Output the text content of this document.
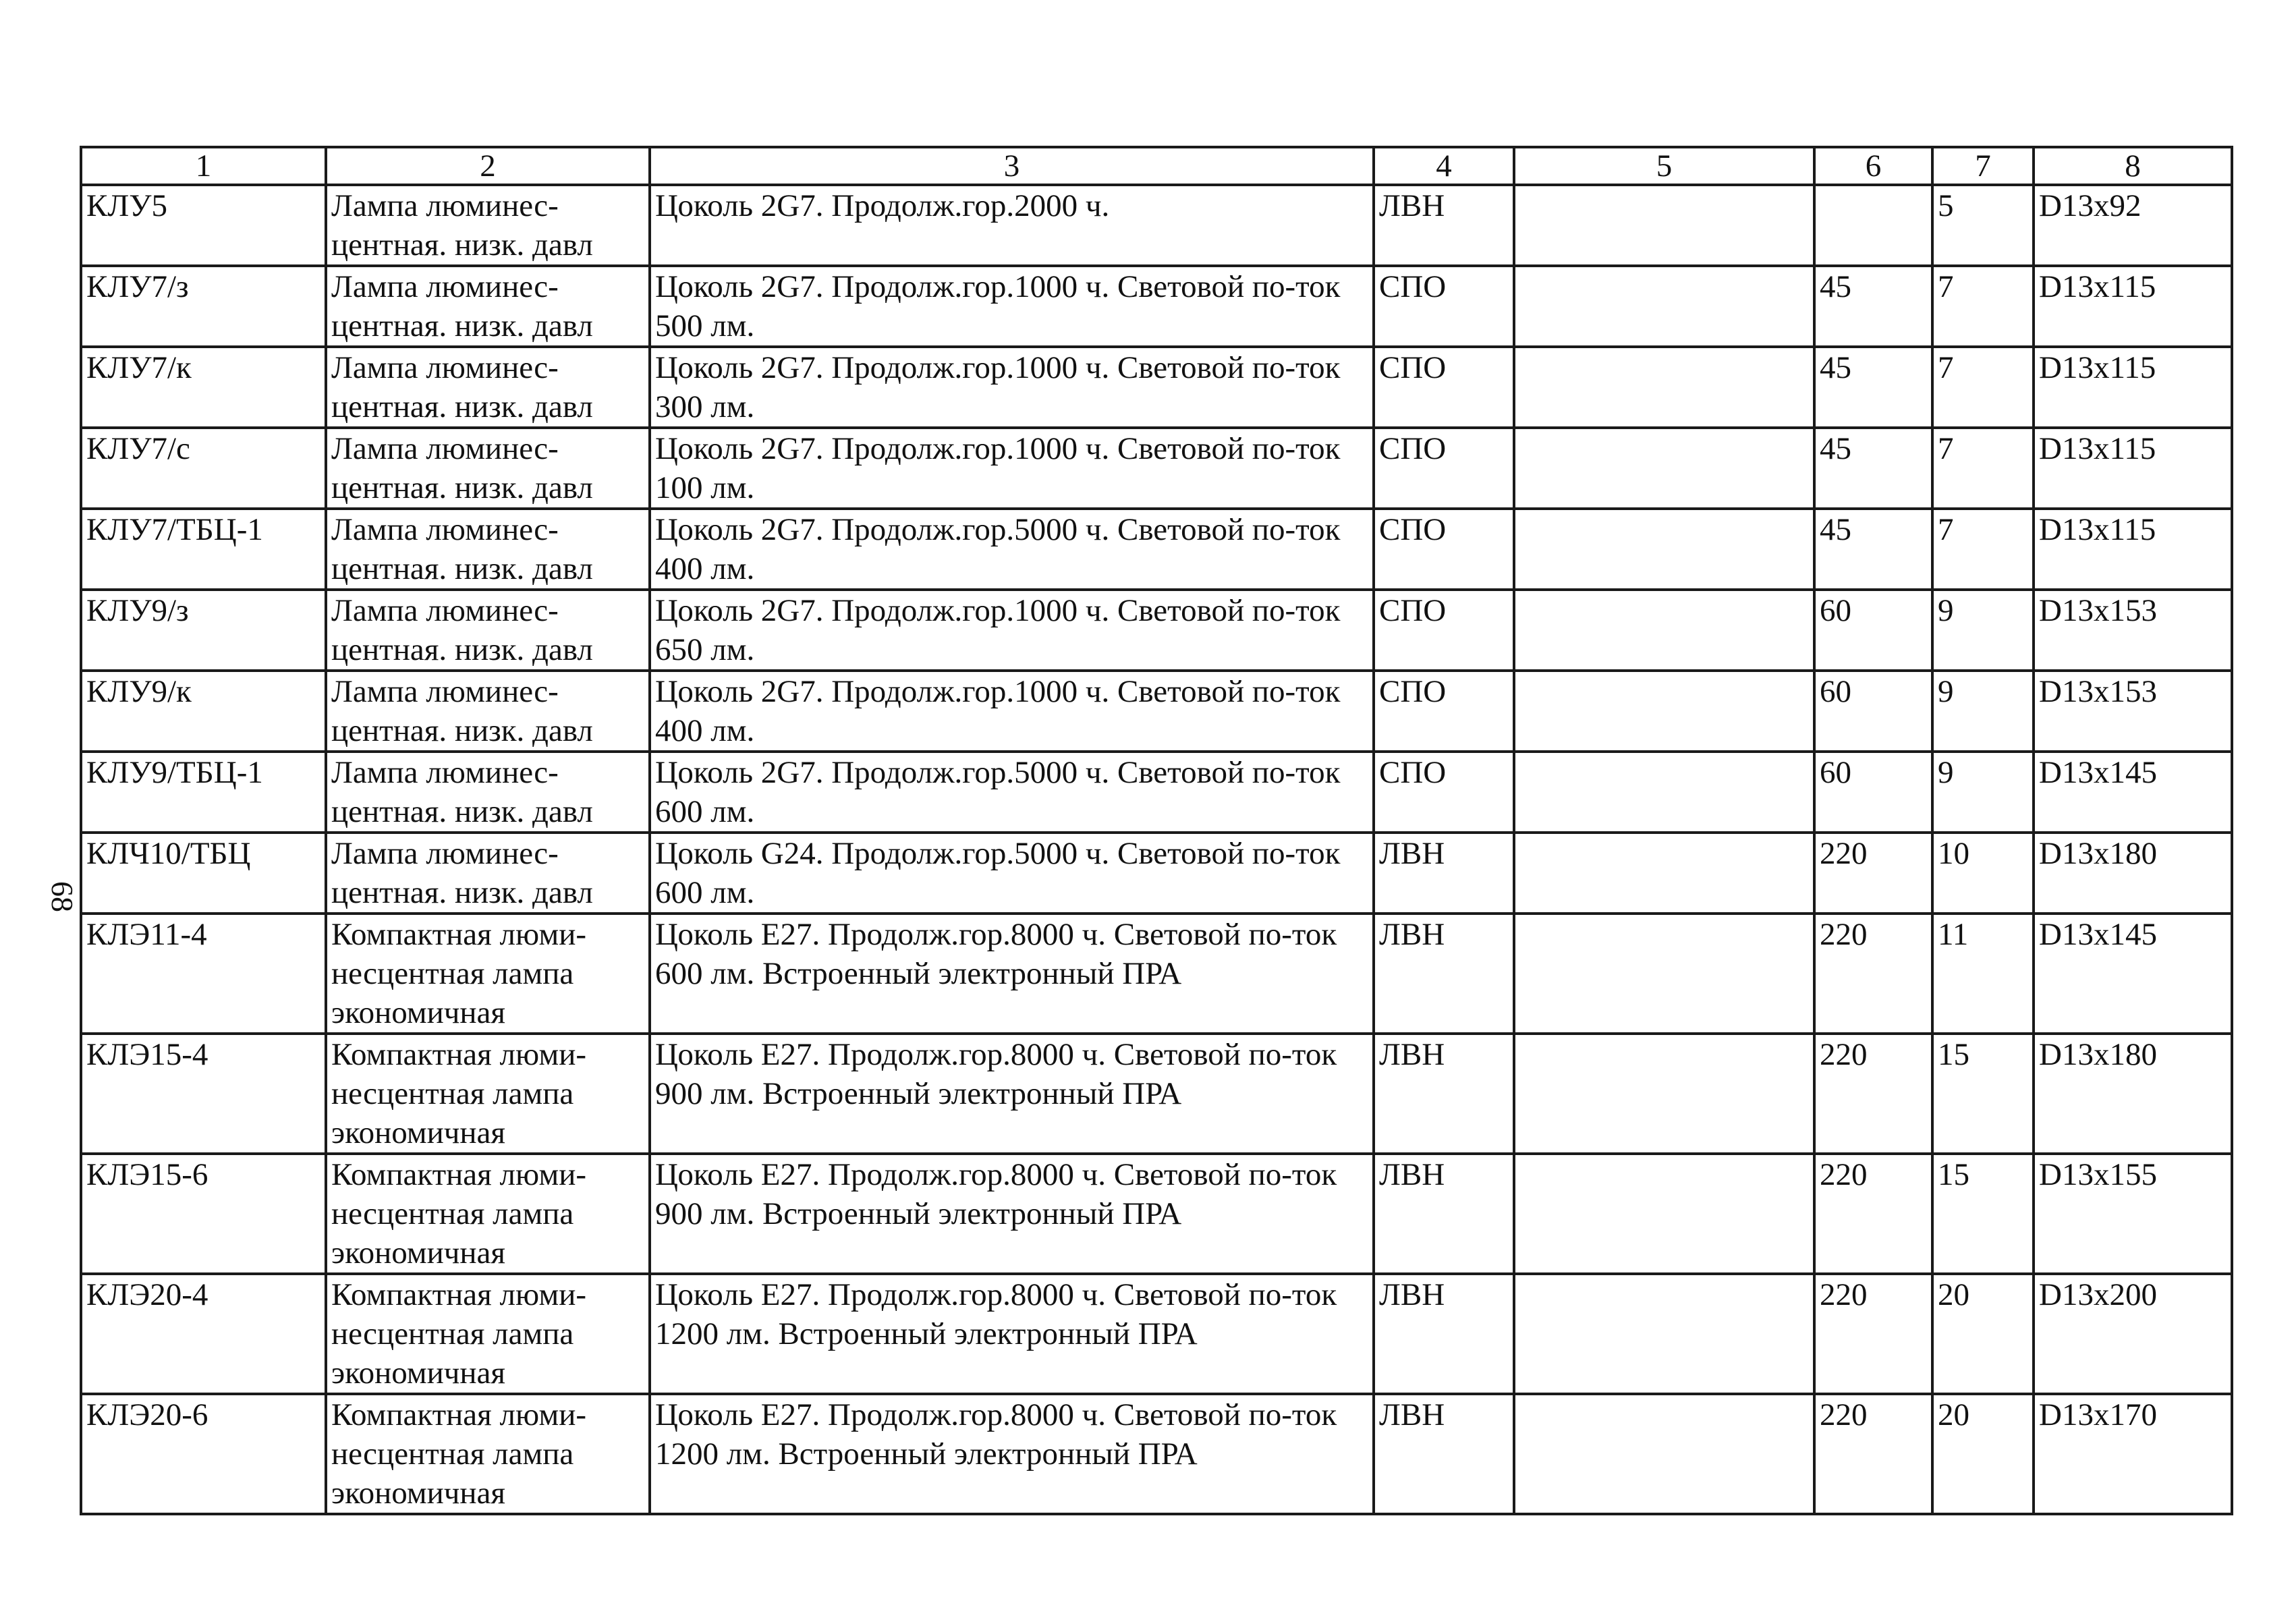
68
1	2	3	4	5	6	7	8
КЛУ5	Лампа люминес-центная. низк. давл	Цоколь 2G7. Продолж.гор.2000 ч.	ЛВН			5	D13x92
КЛУ7/з	Лампа люминес-центная. низк. давл	Цоколь 2G7. Продолж.гор.1000 ч. Световой по-ток 500 лм.	СПО		45	7	D13x115
КЛУ7/к	Лампа люминес-центная. низк. давл	Цоколь 2G7. Продолж.гор.1000 ч. Световой по-ток 300 лм.	СПО		45	7	D13x115
КЛУ7/с	Лампа люминес-центная. низк. давл	Цоколь 2G7. Продолж.гор.1000 ч. Световой по-ток 100 лм.	СПО		45	7	D13x115
КЛУ7/ТБЦ-1	Лампа люминес-центная. низк. давл	Цоколь 2G7. Продолж.гор.5000 ч. Световой по-ток 400 лм.	СПО		45	7	D13x115
КЛУ9/з	Лампа люминес-центная. низк. давл	Цоколь 2G7. Продолж.гор.1000 ч. Световой по-ток 650 лм.	СПО		60	9	D13x153
КЛУ9/к	Лампа люминес-центная. низк. давл	Цоколь 2G7. Продолж.гор.1000 ч. Световой по-ток 400 лм.	СПО		60	9	D13x153
КЛУ9/ТБЦ-1	Лампа люминес-центная. низк. давл	Цоколь 2G7. Продолж.гор.5000 ч. Световой по-ток 600 лм.	СПО		60	9	D13x145
КЛЧ10/ТБЦ	Лампа люминес-центная. низк. давл	Цоколь G24. Продолж.гор.5000 ч. Световой по-ток 600 лм.	ЛВН		220	10	D13x180
КЛЭ11-4	Компактная люми-несцентная лампа экономичная	Цоколь Е27. Продолж.гор.8000 ч. Световой по-ток 600 лм. Встроенный электронный ПРА	ЛВН		220	11	D13x145
КЛЭ15-4	Компактная люми-несцентная лампа экономичная	Цоколь Е27. Продолж.гор.8000 ч. Световой по-ток 900 лм. Встроенный электронный ПРА	ЛВН		220	15	D13x180
КЛЭ15-6	Компактная люми-несцентная лампа экономичная	Цоколь Е27. Продолж.гор.8000 ч. Световой по-ток 900 лм. Встроенный электронный ПРА	ЛВН		220	15	D13x155
КЛЭ20-4	Компактная люми-несцентная лампа экономичная	Цоколь Е27. Продолж.гор.8000 ч. Световой по-ток 1200 лм. Встроенный электронный ПРА	ЛВН		220	20	D13x200
КЛЭ20-6	Компактная люми-несцентная лампа экономичная	Цоколь Е27. Продолж.гор.8000 ч. Световой по-ток 1200 лм. Встроенный электронный ПРА	ЛВН		220	20	D13x170
